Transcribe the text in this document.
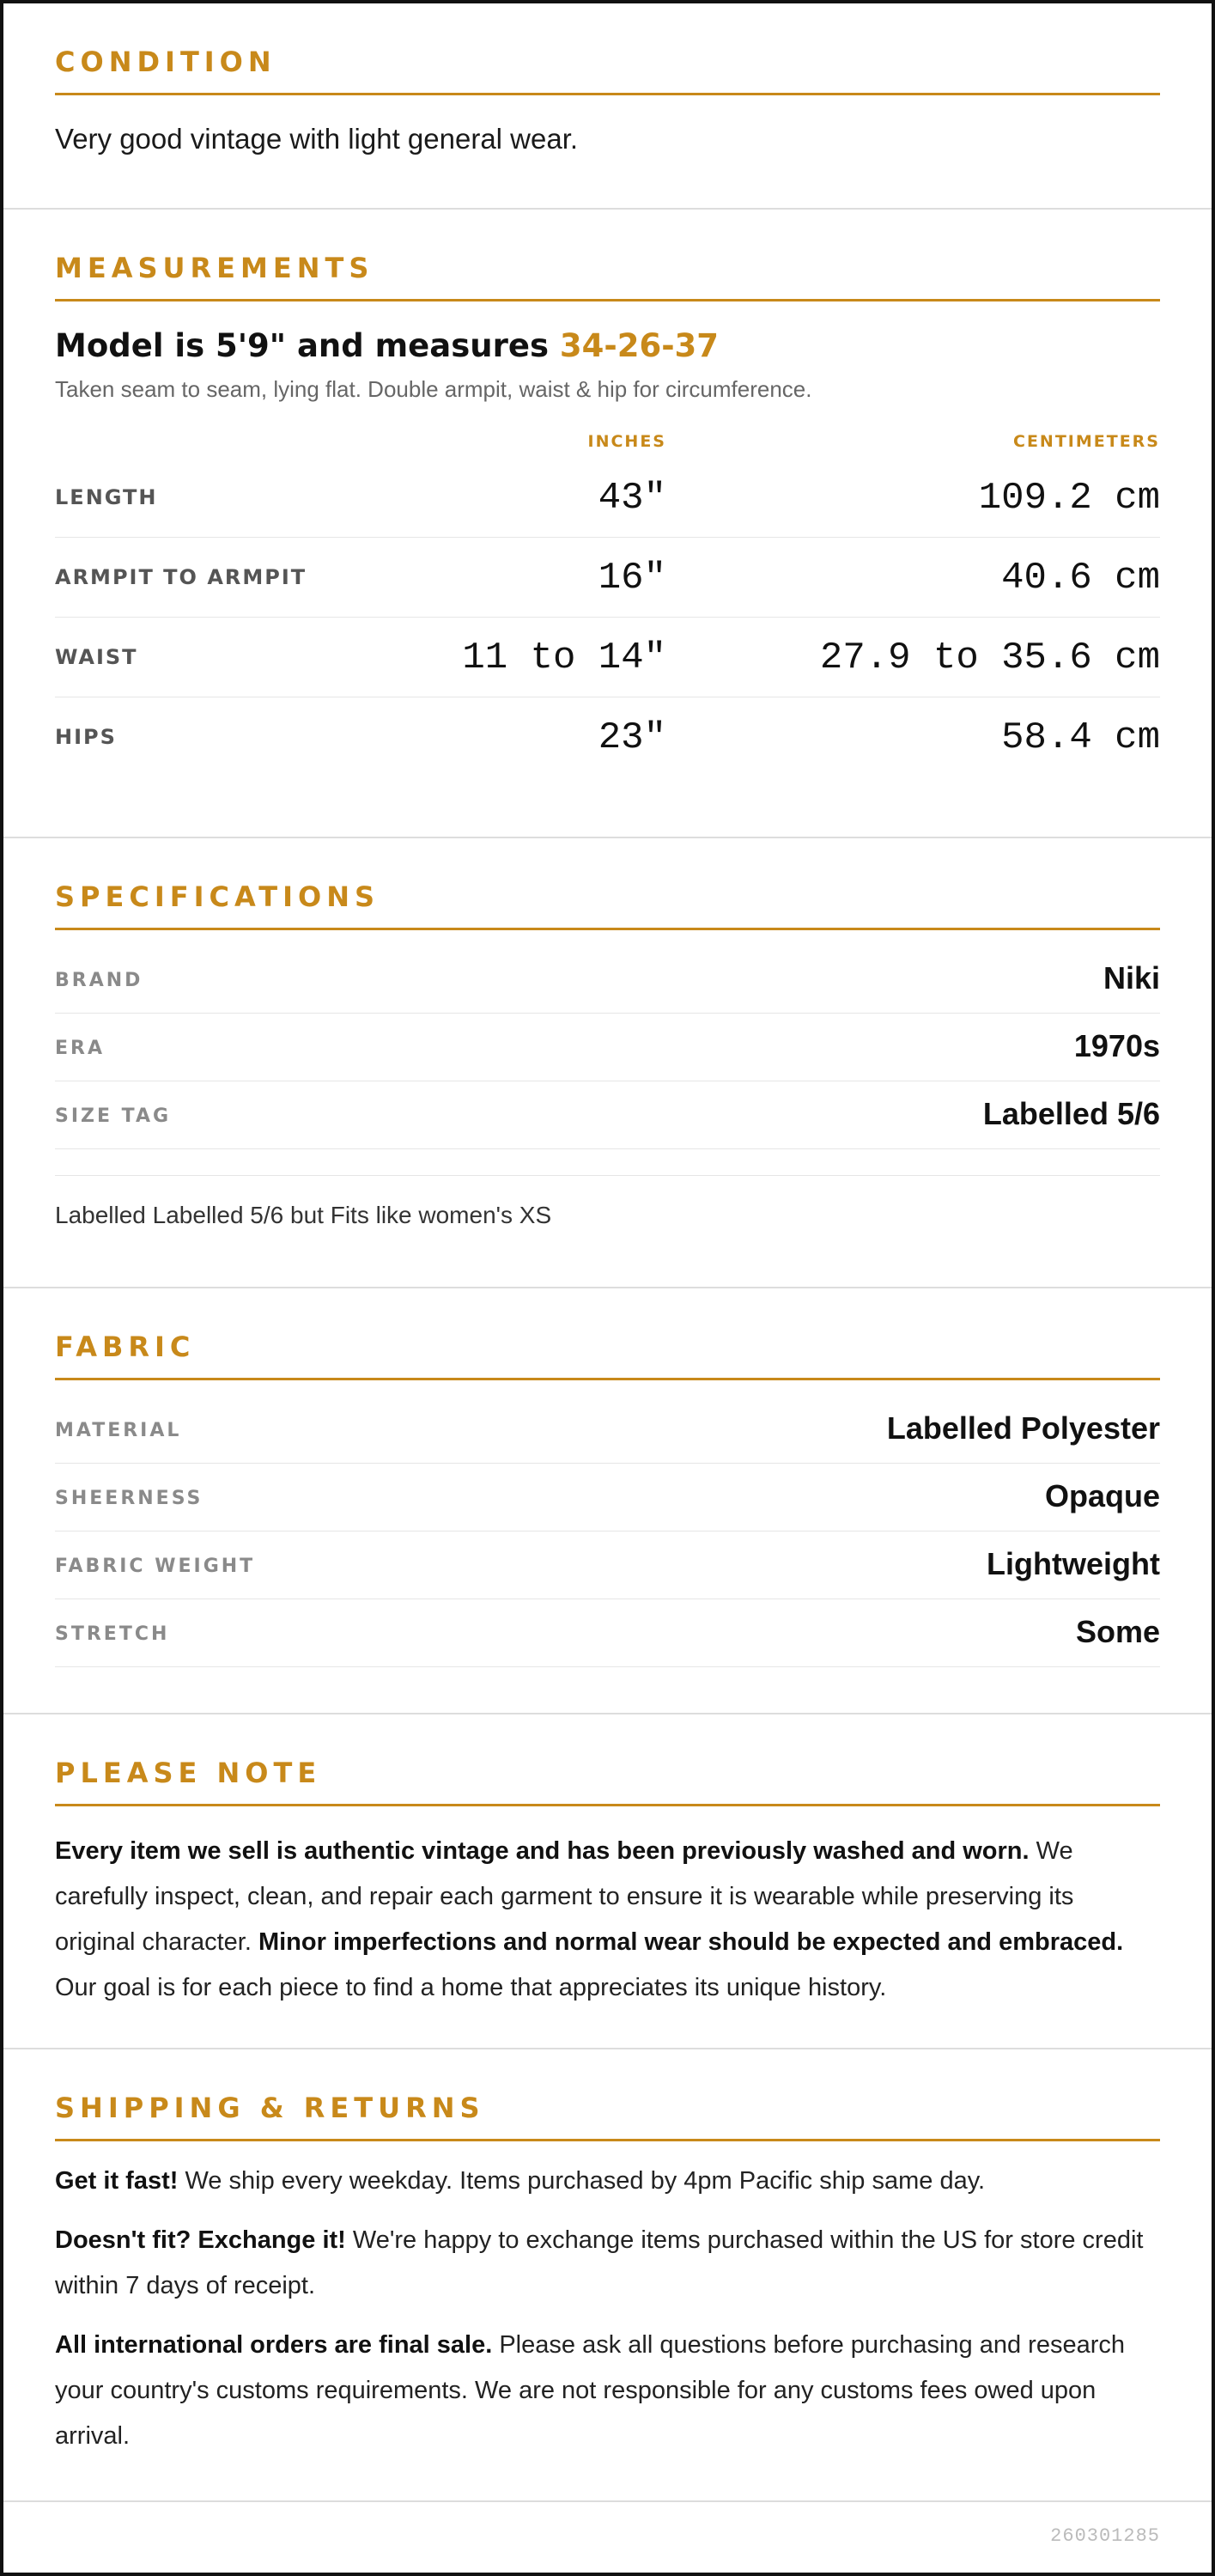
CONDITION
Very good vintage with light general wear.
MEASUREMENTS
Model is 5'9" and measures 34-26-37
Taken seam to seam, lying flat. Double armpit, waist & hip for circumference.
INCHES	CENTIMETERS
LENGTH	43"	109.2 cm
ARMPIT TO ARMPIT	16"	40.6 cm
WAIST	11 to 14"	27.9 to 35.6 cm
HIPS	23"	58.4 cm
SPECIFICATIONS
BRAND	Niki
ERA	1970s
SIZE TAG	Labelled 5/6
Labelled Labelled 5/6 but Fits like women's XS
FABRIC
MATERIAL	Labelled Polyester
SHEERNESS	Opaque
FABRIC WEIGHT	Lightweight
STRETCH	Some
PLEASE NOTE
Every item we sell is authentic vintage and has been previously washed and worn. We carefully inspect, clean, and repair each garment to ensure it is wearable while preserving its original character. Minor imperfections and normal wear should be expected and embraced. Our goal is for each piece to find a home that appreciates its unique history.
SHIPPING & RETURNS

Get it fast! We ship every weekday. Items purchased by 4pm Pacific ship same day.

Doesn't fit? Exchange it! We're happy to exchange items purchased within the US for store credit within 7 days of receipt.

All international orders are final sale. Please ask all questions before purchasing and research your country's customs requirements. We are not responsible for any customs fees owed upon arrival.

260301285
